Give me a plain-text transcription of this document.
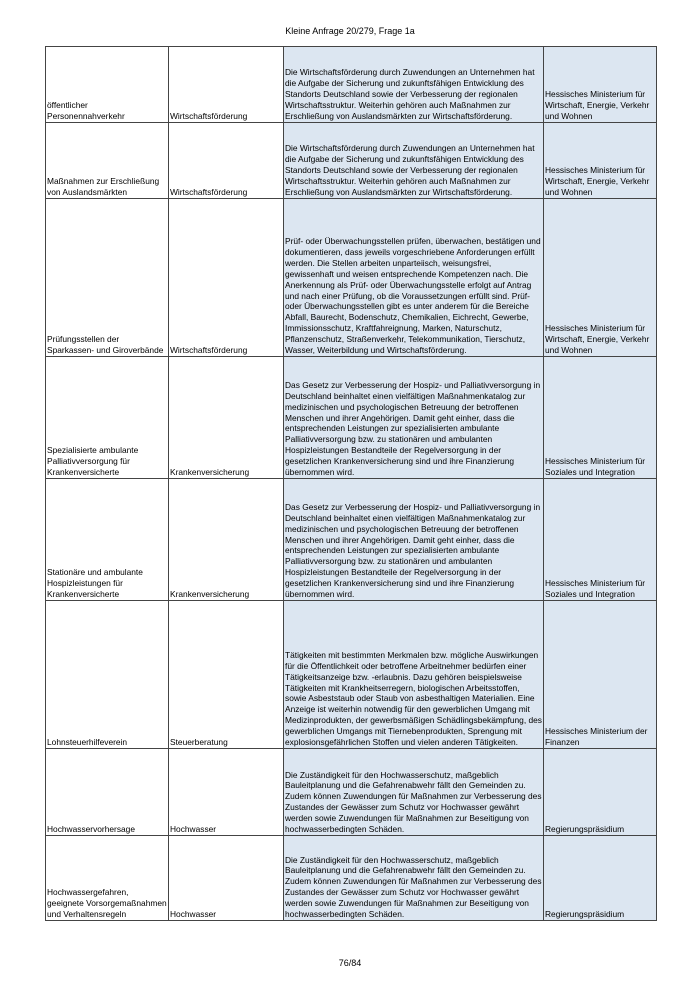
Kleine Anfrage 20/279, Frage 1a
öffentlicher Personennahverkehr	Wirtschaftsförderung	Die Wirtschaftsförderung durch Zuwendungen an Unternehmen hat die Aufgabe der Sicherung und zukunftsfähigen Entwicklung des Standorts Deutschland sowie der Verbesserung der regionalen Wirtschaftsstruktur. Weiterhin gehören auch Maßnahmen zur Erschließung von Auslandsmärkten zur Wirtschaftsförderung.	Hessisches Ministerium für Wirtschaft, Energie, Verkehr und Wohnen
Maßnahmen zur Erschließung von Auslandsmärkten	Wirtschaftsförderung	Die Wirtschaftsförderung durch Zuwendungen an Unternehmen hat die Aufgabe der Sicherung und zukunftsfähigen Entwicklung des Standorts Deutschland sowie der Verbesserung der regionalen Wirtschaftsstruktur. Weiterhin gehören auch Maßnahmen zur Erschließung von Auslandsmärkten zur Wirtschaftsförderung.	Hessisches Ministerium für Wirtschaft, Energie, Verkehr und Wohnen
Prüfungsstellen der Sparkassen- und Giroverbände	Wirtschaftsförderung	Prüf- oder Überwachungsstellen prüfen, überwachen, bestätigen und dokumentieren, dass jeweils vorgeschriebene Anforderungen erfüllt werden. Die Stellen arbeiten unparteiisch, weisungsfrei, gewissenhaft und weisen entsprechende Kompetenzen nach. Die Anerkennung als Prüf- oder Überwachungsstelle erfolgt auf Antrag und nach einer Prüfung, ob die Voraussetzungen erfüllt sind. Prüf- oder Überwachungsstellen gibt es unter anderem für die Bereiche Abfall, Baurecht, Bodenschutz, Chemikalien, Eichrecht, Gewerbe, Immissionsschutz, Kraftfahreignung, Marken, Naturschutz, Pflanzenschutz, Straßenverkehr, Telekommunikation, Tierschutz, Wasser, Weiterbildung und Wirtschaftsförderung.	Hessisches Ministerium für Wirtschaft, Energie, Verkehr und Wohnen
Spezialisierte ambulante Palliativversorgung für Krankenversicherte	Krankenversicherung	Das Gesetz zur Verbesserung der Hospiz- und Palliativversorgung in Deutschland beinhaltet einen vielfältigen Maßnahmenkatalog zur medizinischen und psychologischen Betreuung der betroffenen Menschen und ihrer Angehörigen. Damit geht einher, dass die entsprechenden Leistungen zur spezialisierten ambulante Palliativversorgung bzw. zu stationären und ambulanten Hospizleistungen Bestandteile der Regelversorgung in der gesetzlichen Krankenversicherung sind und ihre Finanzierung übernommen wird.	Hessisches Ministerium für Soziales und Integration
Stationäre und ambulante Hospizleistungen für Krankenversicherte	Krankenversicherung	Das Gesetz zur Verbesserung der Hospiz- und Palliativversorgung in Deutschland beinhaltet einen vielfältigen Maßnahmenkatalog zur medizinischen und psychologischen Betreuung der betroffenen Menschen und ihrer Angehörigen. Damit geht einher, dass die entsprechenden Leistungen zur spezialisierten ambulante Palliativversorgung bzw. zu stationären und ambulanten Hospizleistungen Bestandteile der Regelversorgung in der gesetzlichen Krankenversicherung sind und ihre Finanzierung übernommen wird.	Hessisches Ministerium für Soziales und Integration
Lohnsteuerhilfeverein	Steuerberatung	Tätigkeiten mit bestimmten Merkmalen bzw. mögliche Auswirkungen für die Öffentlichkeit oder betroffene Arbeitnehmer bedürfen einer Tätigkeitsanzeige bzw. -erlaubnis. Dazu gehören beispielsweise Tätigkeiten mit Krankheitserregern, biologischen Arbeitsstoffen, sowie Asbeststaub oder Staub von asbesthaltigen Materialien. Eine Anzeige ist weiterhin notwendig für den gewerblichen Umgang mit Medizinprodukten, der gewerbsmäßigen Schädlingsbekämpfung, des gewerblichen Umgangs mit Tiernebenprodukten, Sprengung mit explosionsgefährlichen Stoffen und vielen anderen Tätigkeiten.	Hessisches Ministerium der Finanzen
Hochwasservorhersage	Hochwasser	Die Zuständigkeit für den Hochwasserschutz, maßgeblich Bauleitplanung und die Gefahrenabwehr fällt den Gemeinden zu. Zudem können Zuwendungen für Maßnahmen zur Verbesserung des Zustandes der Gewässer zum Schutz vor Hochwasser gewährt werden sowie Zuwendungen für Maßnahmen zur Beseitigung von hochwasserbedingten Schäden.	Regierungspräsidium
Hochwassergefahren, geeignete Vorsorgemaßnahmen und Verhaltensregeln	Hochwasser	Die Zuständigkeit für den Hochwasserschutz, maßgeblich Bauleitplanung und die Gefahrenabwehr fällt den Gemeinden zu. Zudem können Zuwendungen für Maßnahmen zur Verbesserung des Zustandes der Gewässer zum Schutz vor Hochwasser gewährt werden sowie Zuwendungen für Maßnahmen zur Beseitigung von hochwasserbedingten Schäden.	Regierungspräsidium
76/84
